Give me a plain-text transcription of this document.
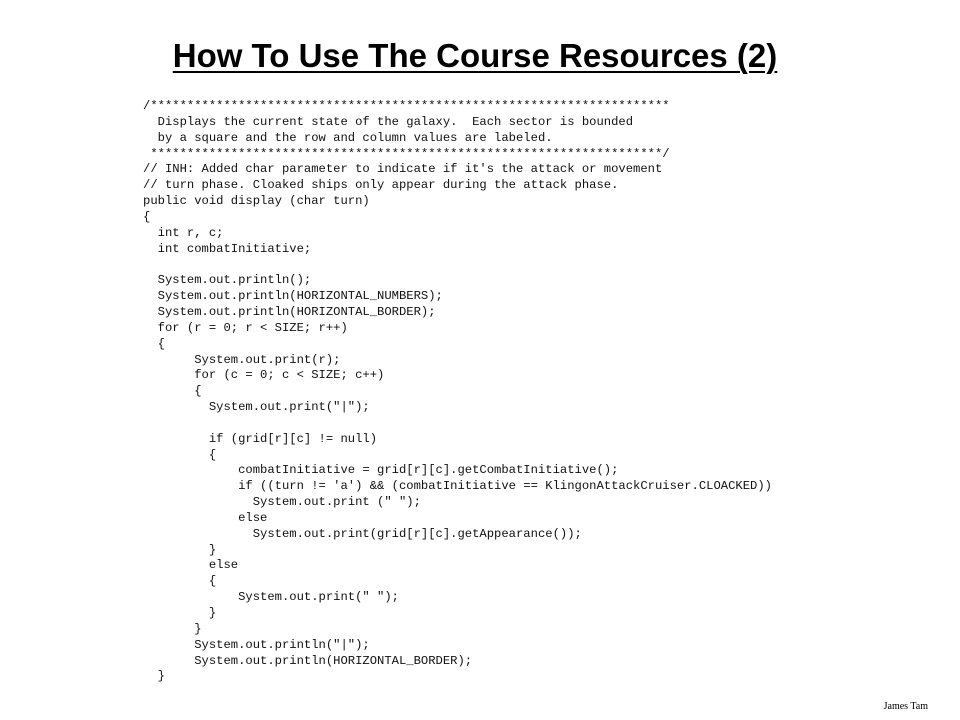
How To Use The Course Resources (2)
/***********************************************************************
Displays the current state of the galaxy.  Each sector is bounded
by a square and the row and column values are labeled.
**********************************************************************/
// INH: Added char parameter to indicate if it's the attack or movement
// turn phase. Cloaked ships only appear during the attack phase.
public void display (char turn)
{
int r, c;
int combatInitiative;
System.out.println();
System.out.println(HORIZONTAL_NUMBERS);
System.out.println(HORIZONTAL_BORDER);
for (r = 0; r < SIZE; r++)
{
System.out.print(r);
for (c = 0; c < SIZE; c++)
{
System.out.print("|");
if (grid[r][c] != null)
{
combatInitiative = grid[r][c].getCombatInitiative();
if ((turn != 'a') && (combatInitiative == KlingonAttackCruiser.CLOACKED))
System.out.print (" ");
else
System.out.print(grid[r][c].getAppearance());
}
else
{
System.out.print(" ");
}
}
System.out.println("|");
System.out.println(HORIZONTAL_BORDER);
}
James Tam
